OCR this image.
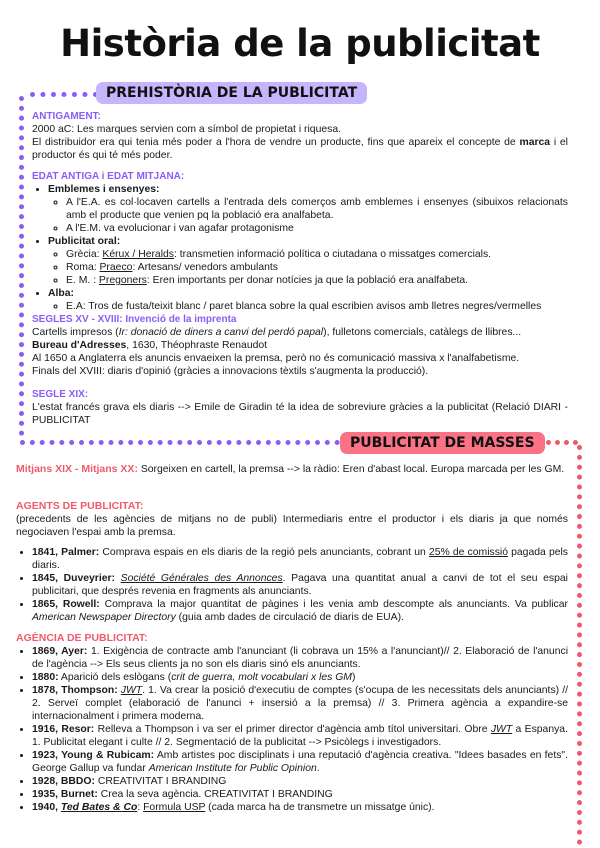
Història de la publicitat
PREHISTÒRIA DE LA PUBLICITAT
PUBLICITAT DE MASSES
ANTIGAMENT:
2000 aC: Les marques servien com a símbol de propietat i riquesa.
El distribuidor era qui tenia més poder a l'hora de vendre un producte, fins que apareix el concepte de marca i el productor és qui té més poder.
EDAT ANTIGA i EDAT MITJANA:
• Emblemes i ensenyes:
◦ A l'E.A. es col·locaven cartells a l'entrada dels comerços amb emblemes i ensenyes (sibuixos relacionats amb el producte que venien pq la població era analfabeta.
◦ A l'E.M. va evolucionar i van agafar protagonisme
• Publicitat oral:
◦ Grècia: Kérux / Heralds: transmetien informació política o ciutadana o missatges comercials.
◦ Roma: Praeco: Artesans/ venedors ambulants
◦ E. M. : Pregoners: Eren importants per donar notícies ja que la població era analfabeta.
• Alba:
◦ E.A: Tros de fusta/teixit blanc / paret blanca sobre la qual escribien avisos amb lletres negres/vermelles
SEGLES XV - XVIII: Invenció de la imprenta
Cartells impresos (Ir: donació de diners a canvi del perdó papal), fulletons comercials, catàlegs de llibres...
Bureau d'Adresses, 1630, Théophraste Renaudot
Al 1650 a Anglaterra els anuncis envaeixen la premsa, però no és comunicació massiva x l'analfabetisme.
Finals del XVIII: diaris d'opinió (gràcies a innovacions tèxtils s'augmenta la producció).
SEGLE XIX:
L'estat francés grava els diaris --> Emile de Giradin té la idea de sobreviure gràcies a la publicitat (Relació DIARI - PUBLICITAT
Mitjans XIX - Mitjans XX: Sorgeixen en cartell, la premsa --> la ràdio: Eren d'abast local. Europa marcada per les GM.
AGENTS DE PUBLICITAT:
(precedents de les agències de mitjans no de publi) Intermediaris entre el productor i els diaris ja que només negociaven l'espai amb la premsa.
• 1841, Palmer: Comprava espais en els diaris de la regió pels anunciants, cobrant un 25% de comissió pagada pels diaris.
• 1845, Duveyrier: Société Générales des Annonces. Pagava una quantitat anual a canvi de tot el seu espai publicitari, que després revenia en fragments als anunciants.
• 1865, Rowell: Comprava la major quantitat de pàgines i les venia amb descompte als anunciants. Va publicar American Newspaper Directory (guia amb dades de circulació de diaris de EUA).
AGÈNCIA DE PUBLICITAT:
• 1869, Ayer: 1. Exigència de contracte amb l'anunciant (li cobrava un 15% a l'anunciant)// 2. Elaboració de l'anunci de l'agència --> Els seus clients ja no son els diaris sinó els anunciants.
• 1880: Aparició dels eslògans (crit de guerra, molt vocabulari x les GM)
• 1878, Thompson: JWT. 1. Va crear la posició d'executiu de comptes (s'ocupa de les necessitats dels anunciants) // 2. Serveï complet (elaboració de l'anunci + insersió a la premsa) // 3. Primera agència a expandire-se internacionalment i primera moderna.
• 1916, Resor: Relleva a Thompson i va ser el primer director d'agència amb títol universitari. Obre JWT a Espanya. 1. Publicitat elegant i culte // 2. Segmentació de la publicitat --> Psicòlegs i investigadors.
• 1923, Young & Rubicam: Amb artistes poc disciplinats i una reputació d'agència creativa. "Idees basades en fets". George Gallup va fundar American Institute for Public Opinion.
• 1928, BBDO: CREATIVITAT I BRANDING
• 1935, Burnet: Crea la seva agència. CREATIVITAT I BRANDING
• 1940, Ted Bates & Co: Formula USP (cada marca ha de transmetre un missatge únic).
